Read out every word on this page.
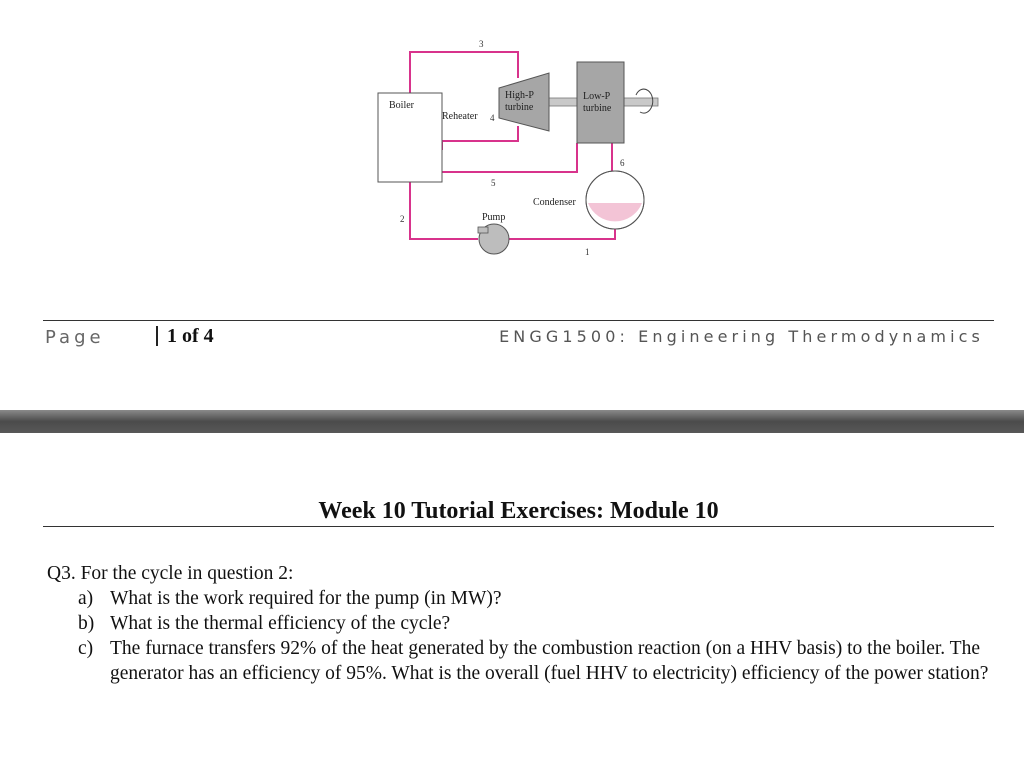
Boiler
Reheater
High-P
turbine
Low-P
turbine
Condenser
Pump
1
2
3
4
5
6
Page	1 of 4	ENGG1500: Engineering Thermodynamics
Week 10 Tutorial Exercises: Module 10

Q3. For the cycle in question 2:

a) What is the work required for the pump (in MW)?
b) What is the thermal efficiency of the cycle?
c) The furnace transfers 92% of the heat generated by the combustion reaction (on a HHV basis) to the boiler. The generator has an efficiency of 95%. What is the overall (fuel HHV to electricity) efficiency of the power station?
